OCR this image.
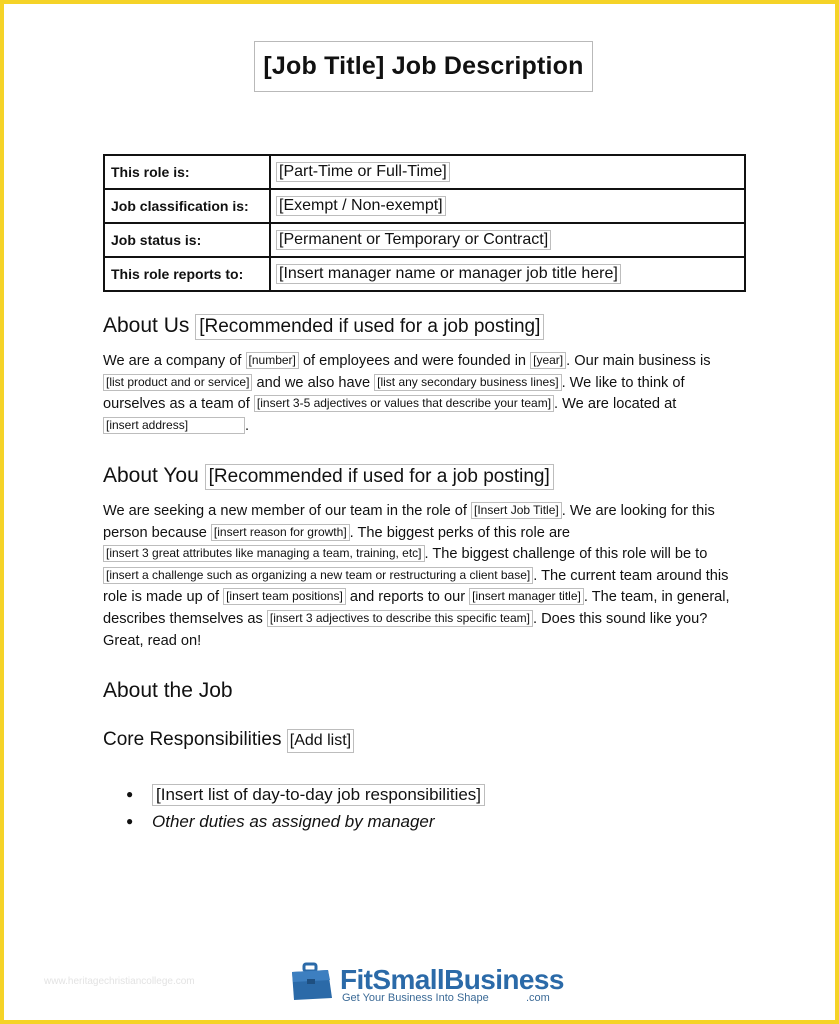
[Job Title] Job Description
This role is:	[Part-Time or Full-Time]
Job classification is:	[Exempt / Non-exempt]
Job status is:	[Permanent or Temporary or Contract]
This role reports to:	[Insert manager name or manager job title here]
About Us [Recommended if used for a job posting]
We are a company of [number] of employees and were founded in [year] . Our main business is [list product and or service] and we also have [list any secondary business lines] . We like to think of ourselves as a team of [insert 3-5 adjectives or values that describe your team] . We are located at [insert address]	.
About You [Recommended if used for a job posting]
We are seeking a new member of our team in the role of [Insert Job Title] . We are looking for this person because [insert reason for growth] . The biggest perks of this role are [insert 3 great attributes like managing a team, training, etc] . The biggest challenge of this role will be to [insert a challenge such as organizing a new team or restructuring a client base] . The current team around this role is made up of [insert team positions] and reports to our [insert manager title] . The team, in general, describes themselves as [insert 3 adjectives to describe this specific team] . Does this sound like you? Great, read on!
About the Job
Core Responsibilities [Add list]
● [Insert list of day-to-day job responsibilities]
● Other duties as assigned by manager
www.heritagechristiancollege.com	FitSmallBusiness
Get Your Business Into Shape	.com
